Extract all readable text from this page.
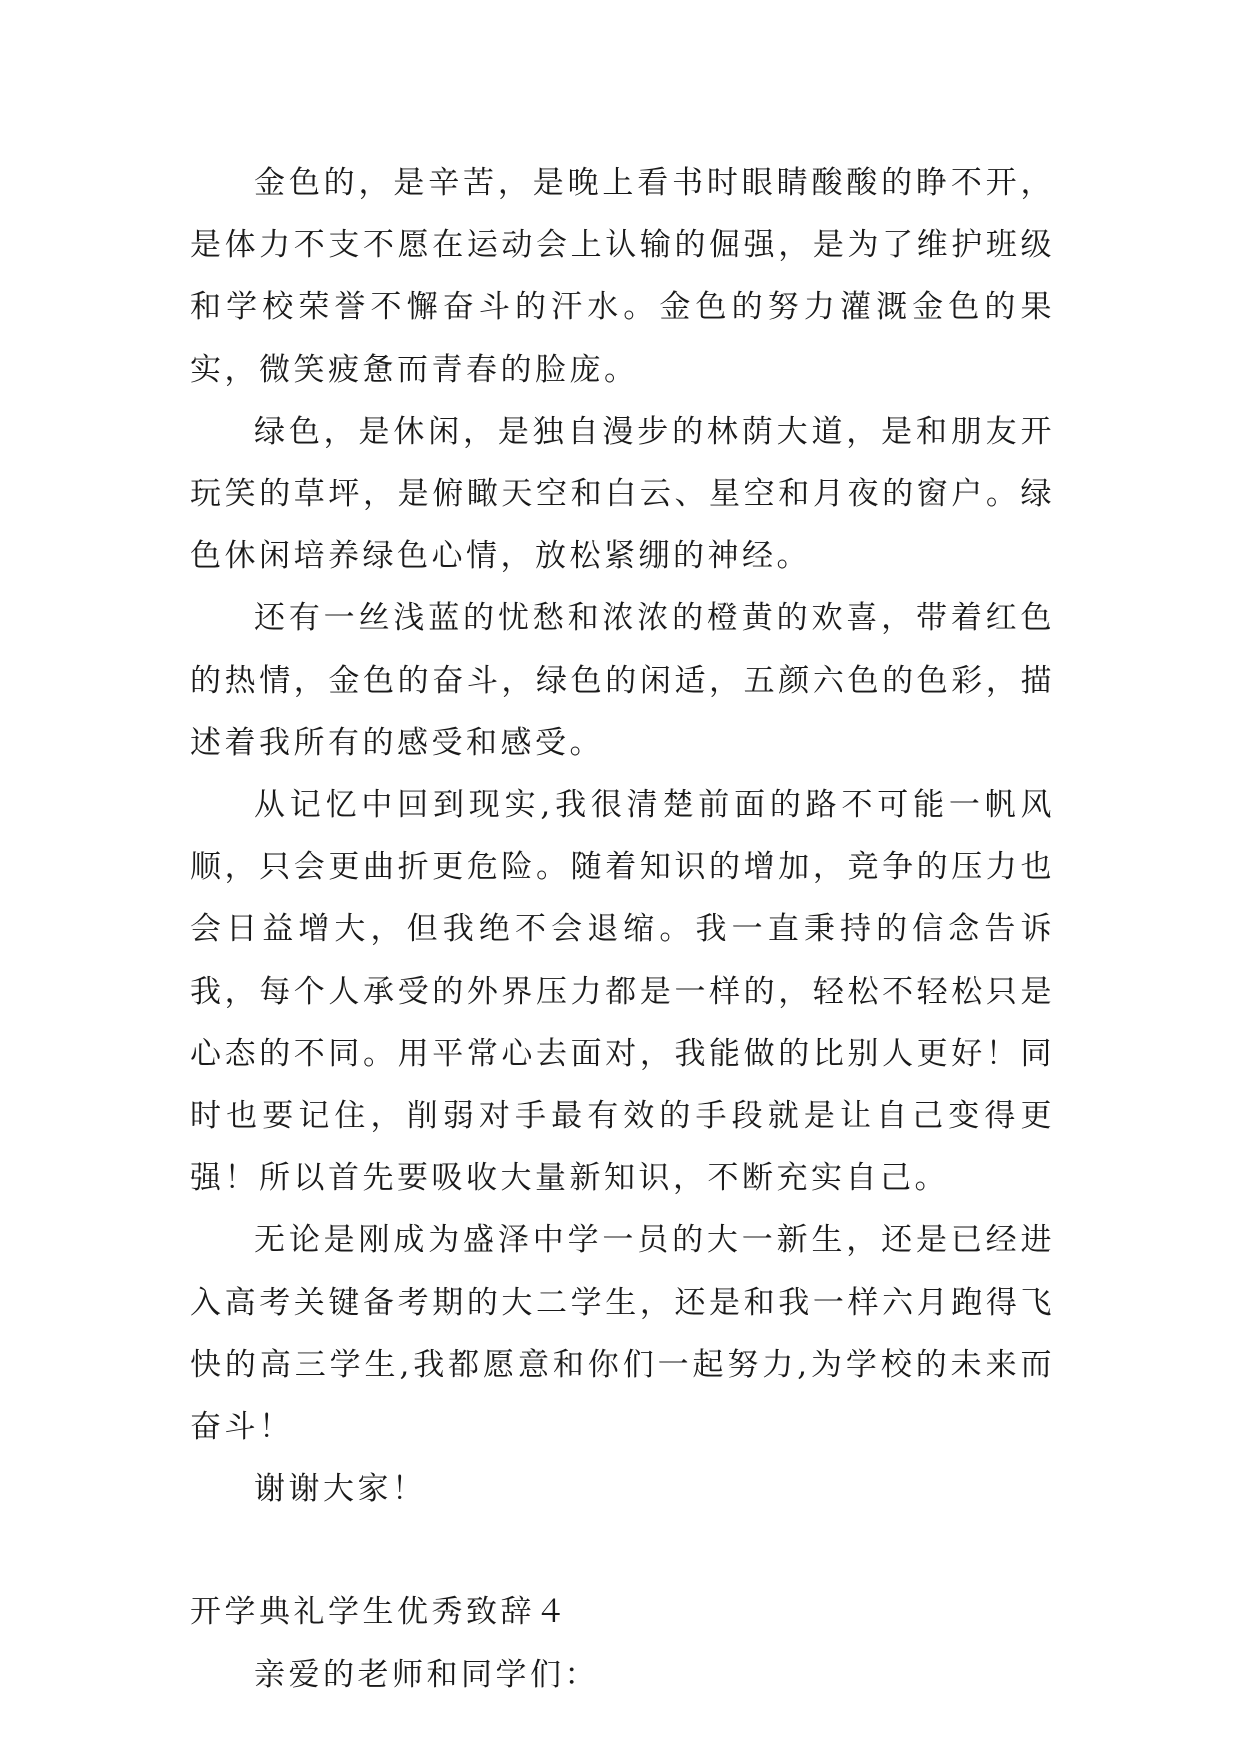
金色的，是辛苦，是晚上看书时眼睛酸酸的睁不开，是体力不支不愿在运动会上认输的倔强，是为了维护班级和学校荣誉不懈奋斗的汗水。金色的努力灌溉金色的果实，微笑疲惫而青春的脸庞。

绿色，是休闲，是独自漫步的林荫大道，是和朋友开玩笑的草坪，是俯瞰天空和白云、星空和月夜的窗户。绿色休闲培养绿色心情，放松紧绷的神经。

还有一丝浅蓝的忧愁和浓浓的橙黄的欢喜，带着红色的热情，金色的奋斗，绿色的闲适，五颜六色的色彩，描述着我所有的感受和感受。

从记忆中回到现实,我很清楚前面的路不可能一帆风顺，只会更曲折更危险。随着知识的增加，竞争的压力也会日益增大，但我绝不会退缩。我一直秉持的信念告诉我，每个人承受的外界压力都是一样的，轻松不轻松只是心态的不同。用平常心去面对，我能做的比别人更好！同时也要记住，削弱对手最有效的手段就是让自己变得更强！所以首先要吸收大量新知识，不断充实自己。

无论是刚成为盛泽中学一员的大一新生，还是已经进入高考关键备考期的大二学生，还是和我一样六月跑得飞快的高三学生,我都愿意和你们一起努力,为学校的未来而奋斗！

谢谢大家！

开学典礼学生优秀致辞４

亲爱的老师和同学们：
